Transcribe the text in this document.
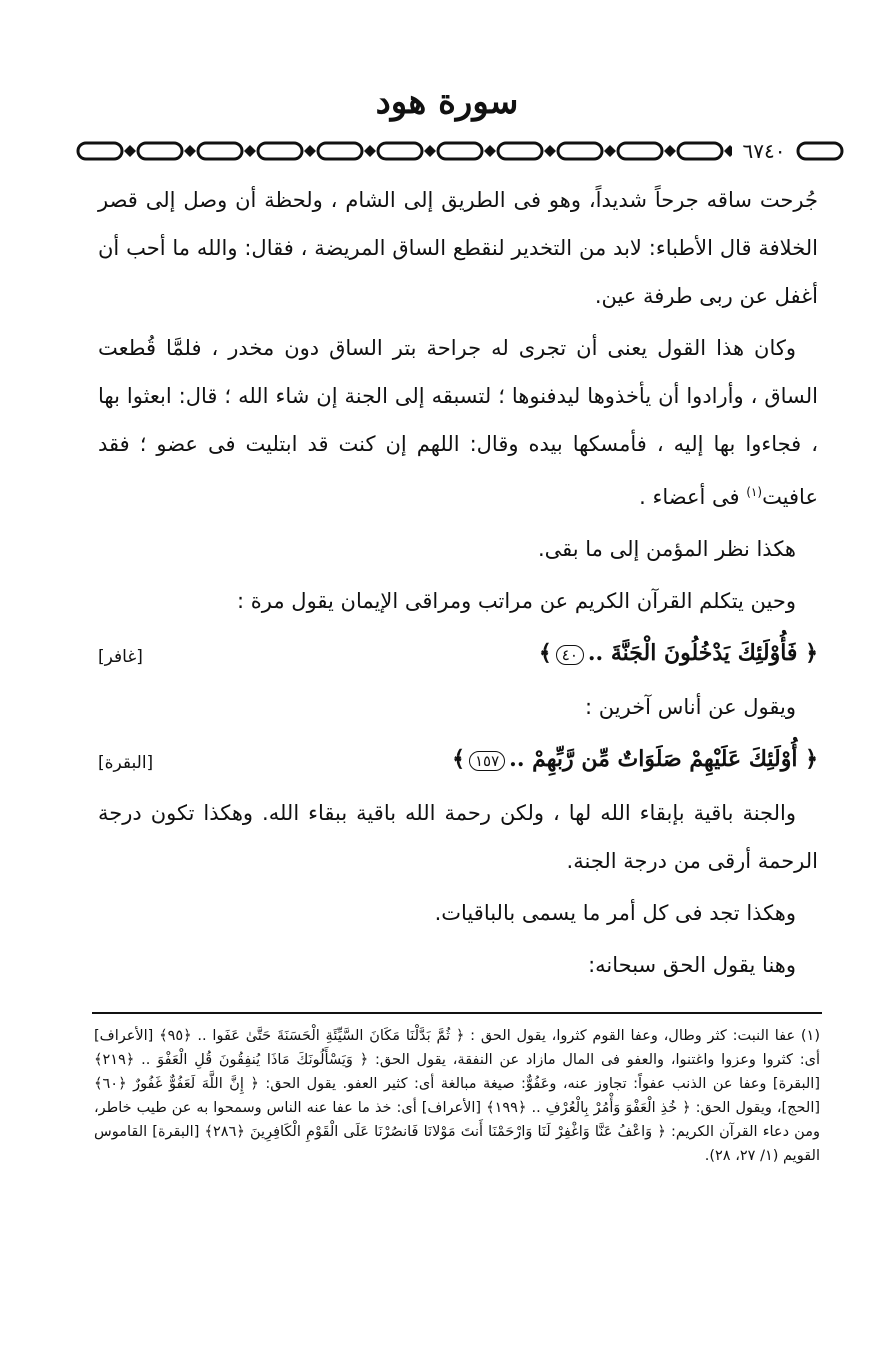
سورة هود
٦٧٤٠

جُرحت ساقه جرحاً شديداً، وهو فى الطريق إلى الشام ، ولحظة أن وصل إلى قصر الخلافة قال الأطباء: لابد من التخدير لنقطع الساق المريضة ، فقال: والله ما أحب أن أغفل عن ربى طرفة عين.

وكان هذا القول يعنى أن تجرى له جراحة بتر الساق دون مخدر ، فلمَّا قُطعت الساق ، وأرادوا أن يأخذوها ليدفنوها ؛ لتسبقه إلى الجنة إن شاء الله ؛ قال: ابعثوا بها ، فجاءوا بها إليه ، فأمسكها بيده وقال: اللهم إن كنت قد ابتليت فى عضو ؛ فقد عافيت$^{(١)}$ فى أعضاء .

هكذا نظر المؤمن إلى ما بقى.

وحين يتكلم القرآن الكريم عن مراتب ومراقى الإيمان يقول مرة :

﴿ فَأُوْلَئِكَ يَدْخُلُونَ الْجَنَّةَ ..٤٠﴾
[غافر]

ويقول عن أناس آخرين :

﴿ أُوْلَئِكَ عَلَيْهِمْ صَلَوَاتٌ مِّن رَّبِّهِمْ ..١٥٧﴾
[البقرة]

والجنة باقية بإبقاء الله لها ، ولكن رحمة الله باقية ببقاء الله. وهكذا تكون درجة الرحمة أرقى من درجة الجنة.

وهكذا تجد فى كل أمر ما يسمى بالباقيات.

وهنا يقول الحق سبحانه:

(١) عفا النبت: كثر وطال، وعفا القوم كثروا، يقول الحق : ﴿ ثُمَّ بَدَّلْنَا مَكَانَ السَّيِّئَةِ الْحَسَنَةَ حَتَّىٰ عَفَوا .. ﴿٩٥﴾ [الأعراف] أى: كثروا وعزوا واغتنوا، والعفو فى المال مازاد عن النفقة، يقول الحق: ﴿ وَيَسْأَلُونَكَ مَاذَا يُنفِقُونَ قُلِ الْعَفْوَ .. ﴿٢١٩﴾ [البقرة] وعفا عن الذنب عفواً: تجاوز عنه، وعَفُوٌّ: صيغة مبالغة أى: كثير العفو. يقول الحق: ﴿ إِنَّ اللَّهَ لَعَفُوٌّ غَفُورٌ ﴿٦٠﴾ [الحج]، ويقول الحق: ﴿ خُذِ الْعَفْوَ وَأْمُرْ بِالْعُرْفِ .. ﴿١٩٩﴾ [الأعراف] أى: خذ ما عفا عنه الناس وسمحوا به عن طيب خاطر، ومن دعاء القرآن الكريم: ﴿ وَاعْفُ عَنَّا وَاغْفِرْ لَنَا وَارْحَمْنَا أَنتَ مَوْلانَا فَانصُرْنَا عَلَى الْقَوْمِ الْكَافِرِينَ ﴿٢٨٦﴾ [البقرة] القاموس القويم (١/ ٢٧، ٢٨).
